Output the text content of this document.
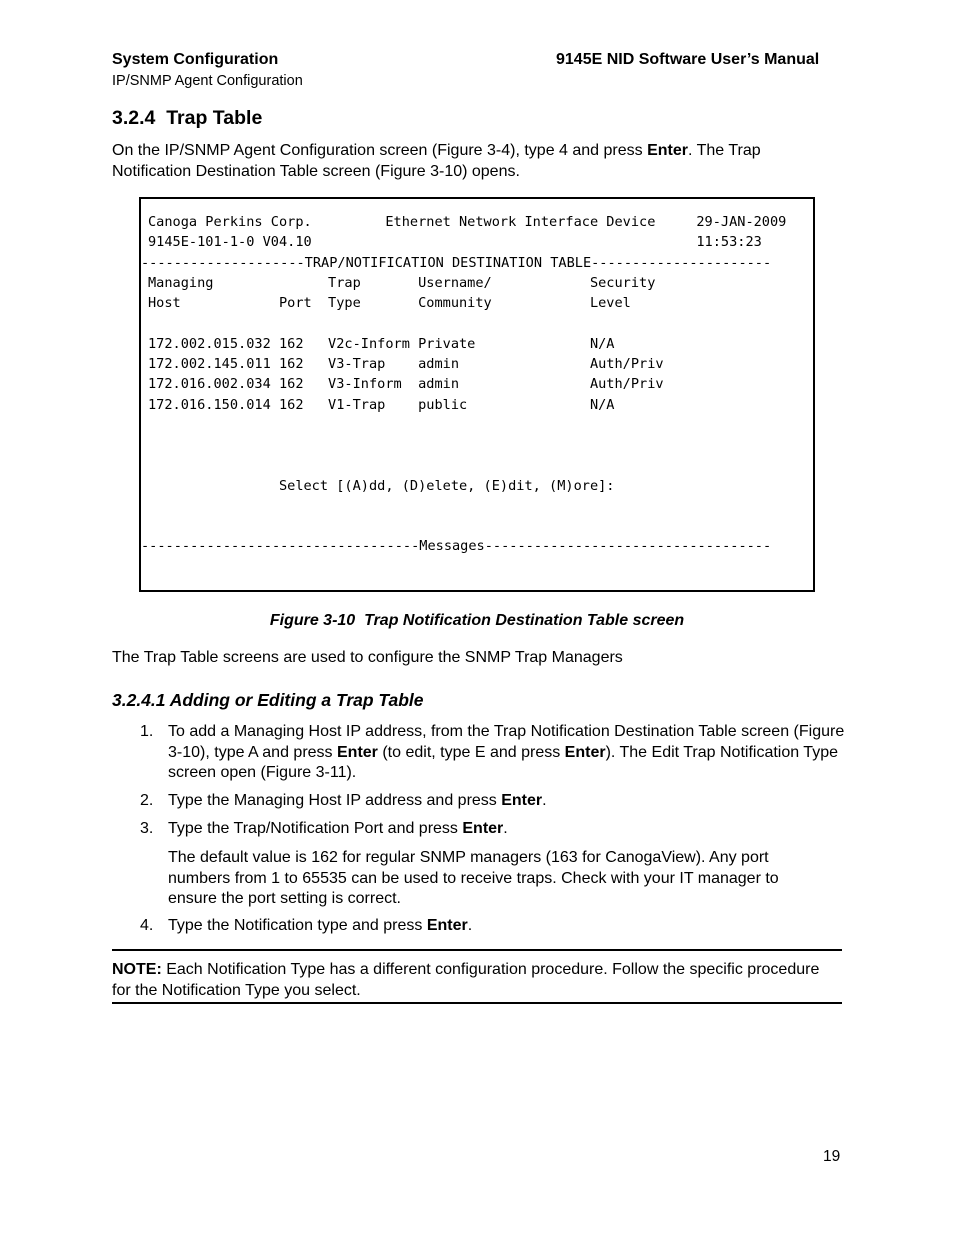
System Configuration	9145E NID Software User’s Manual
IP/SNMP Agent Configuration
3.2.4  Trap Table
On the IP/SNMP Agent Configuration screen (Figure 3-4), type 4 and press Enter. The Trap Notification Destination Table screen (Figure 3-10) opens.
Canoga Perkins Corp.         Ethernet Network Interface Device     29-JAN-2009
9145E-101-1-0 V04.10                                               11:53:23
--------------------TRAP/NOTIFICATION DESTINATION TABLE----------------------
Managing              Trap       Username/            Security
Host            Port  Type       Community            Level
172.002.015.032 162   V2c-Inform Private              N/A
172.002.145.011 162   V3-Trap    admin                Auth/Priv
172.016.002.034 162   V3-Inform  admin                Auth/Priv
172.016.150.014 162   V1-Trap    public               N/A
Select [(A)dd, (D)elete, (E)dit, (M)ore]:
----------------------------------Messages-----------------------------------
Figure 3-10  Trap Notification Destination Table screen
The Trap Table screens are used to configure the SNMP Trap Managers
3.2.4.1 Adding or Editing a Trap Table
1. To add a Managing Host IP address, from the Trap Notification Destination Table screen (Figure 3-10), type A and press Enter (to edit, type E and press Enter). The Edit Trap Notification Type screen open (Figure 3-11).
2. Type the Managing Host IP address and press Enter.
3. Type the Trap/Notification Port and press Enter.
The default value is 162 for regular SNMP managers (163 for CanogaView). Any port numbers from 1 to 65535 can be used to receive traps. Check with your IT manager to ensure the port setting is correct.
4. Type the Notification type and press Enter.
NOTE: Each Notification Type has a different configuration procedure. Follow the specific procedure for the Notification Type you select.
19
